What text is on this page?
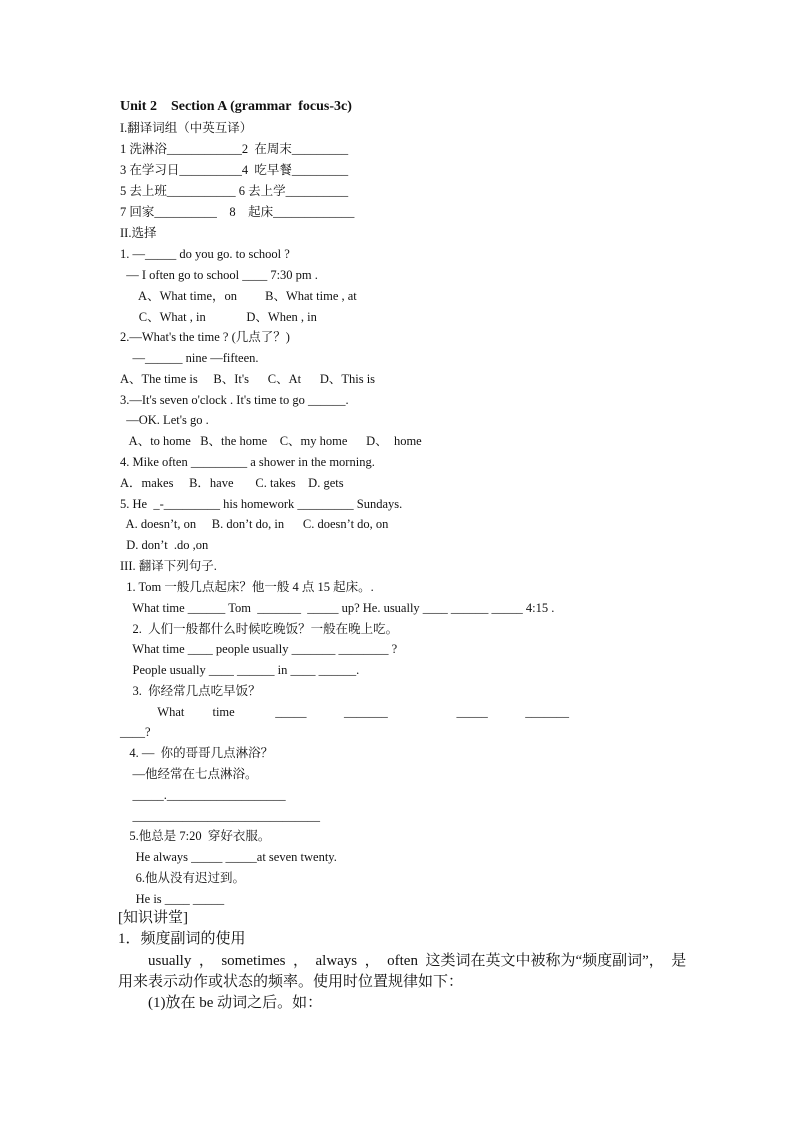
Unit 2    Section A (grammar  focus-3c)
I.翻译词组（中英互译）
1 洗淋浴____________2  在周末_________
3 在学习日__________4  吃早餐_________
5 去上班___________ 6 去上学__________
7 回家__________    8    起床_____________
II.选择
1. —_____ do you go. to school ?
— I often go to school ____ 7:30 pm .
A、What time，on         B、What time , at
C、What , in             D、When , in
2.—What's the time ? (几点了？)
—______ nine —fifteen.
A、The time is     B、It's      C、At      D、This is
3.—It's seven o'clock . It's time to go ______.
—OK. Let's go .
A、to home   B、the home    C、my home      D、  home
4. Mike often _________ a shower in the morning.
A．makes     B．have       C. takes    D. gets
5. He  _-_________ his homework _________ Sundays.
A. doesn’t, on     B. don’t do, in      C. doesn’t do, on
D. don’t  .do ,on
III. 翻译下列句子.
1. Tom 一般几点起床？他一般 4 点 15 起床。.
What time ______ Tom  _______  _____ up? He. usually ____ ______ _____ 4:15 .
2.  人们一般都什么时候吃晚饭？一般在晚上吃。
What time ____ people usually _______ ________ ?
People usually ____ ______ in ____ ______.
3.  你经常几点吃早饭？
What         time             _____            _______                      _____            _______
____?
4. —  你的哥哥几点淋浴？
—他经常在七点淋浴。
_____.___________________
______________________________
5.他总是 7:20  穿好衣服。
He always _____ _____at seven twenty.
6.他从没有迟过到。
He is ____ _____
[知识讲堂]
1．频度副词的使用
usually  ，  sometimes  ，  always  ，  often  这类词在英文中被称为“频度副词”，  是
用来表示动作或状态的频率。使用时位置规律如下：
(1)放在 be 动词之后。如：
